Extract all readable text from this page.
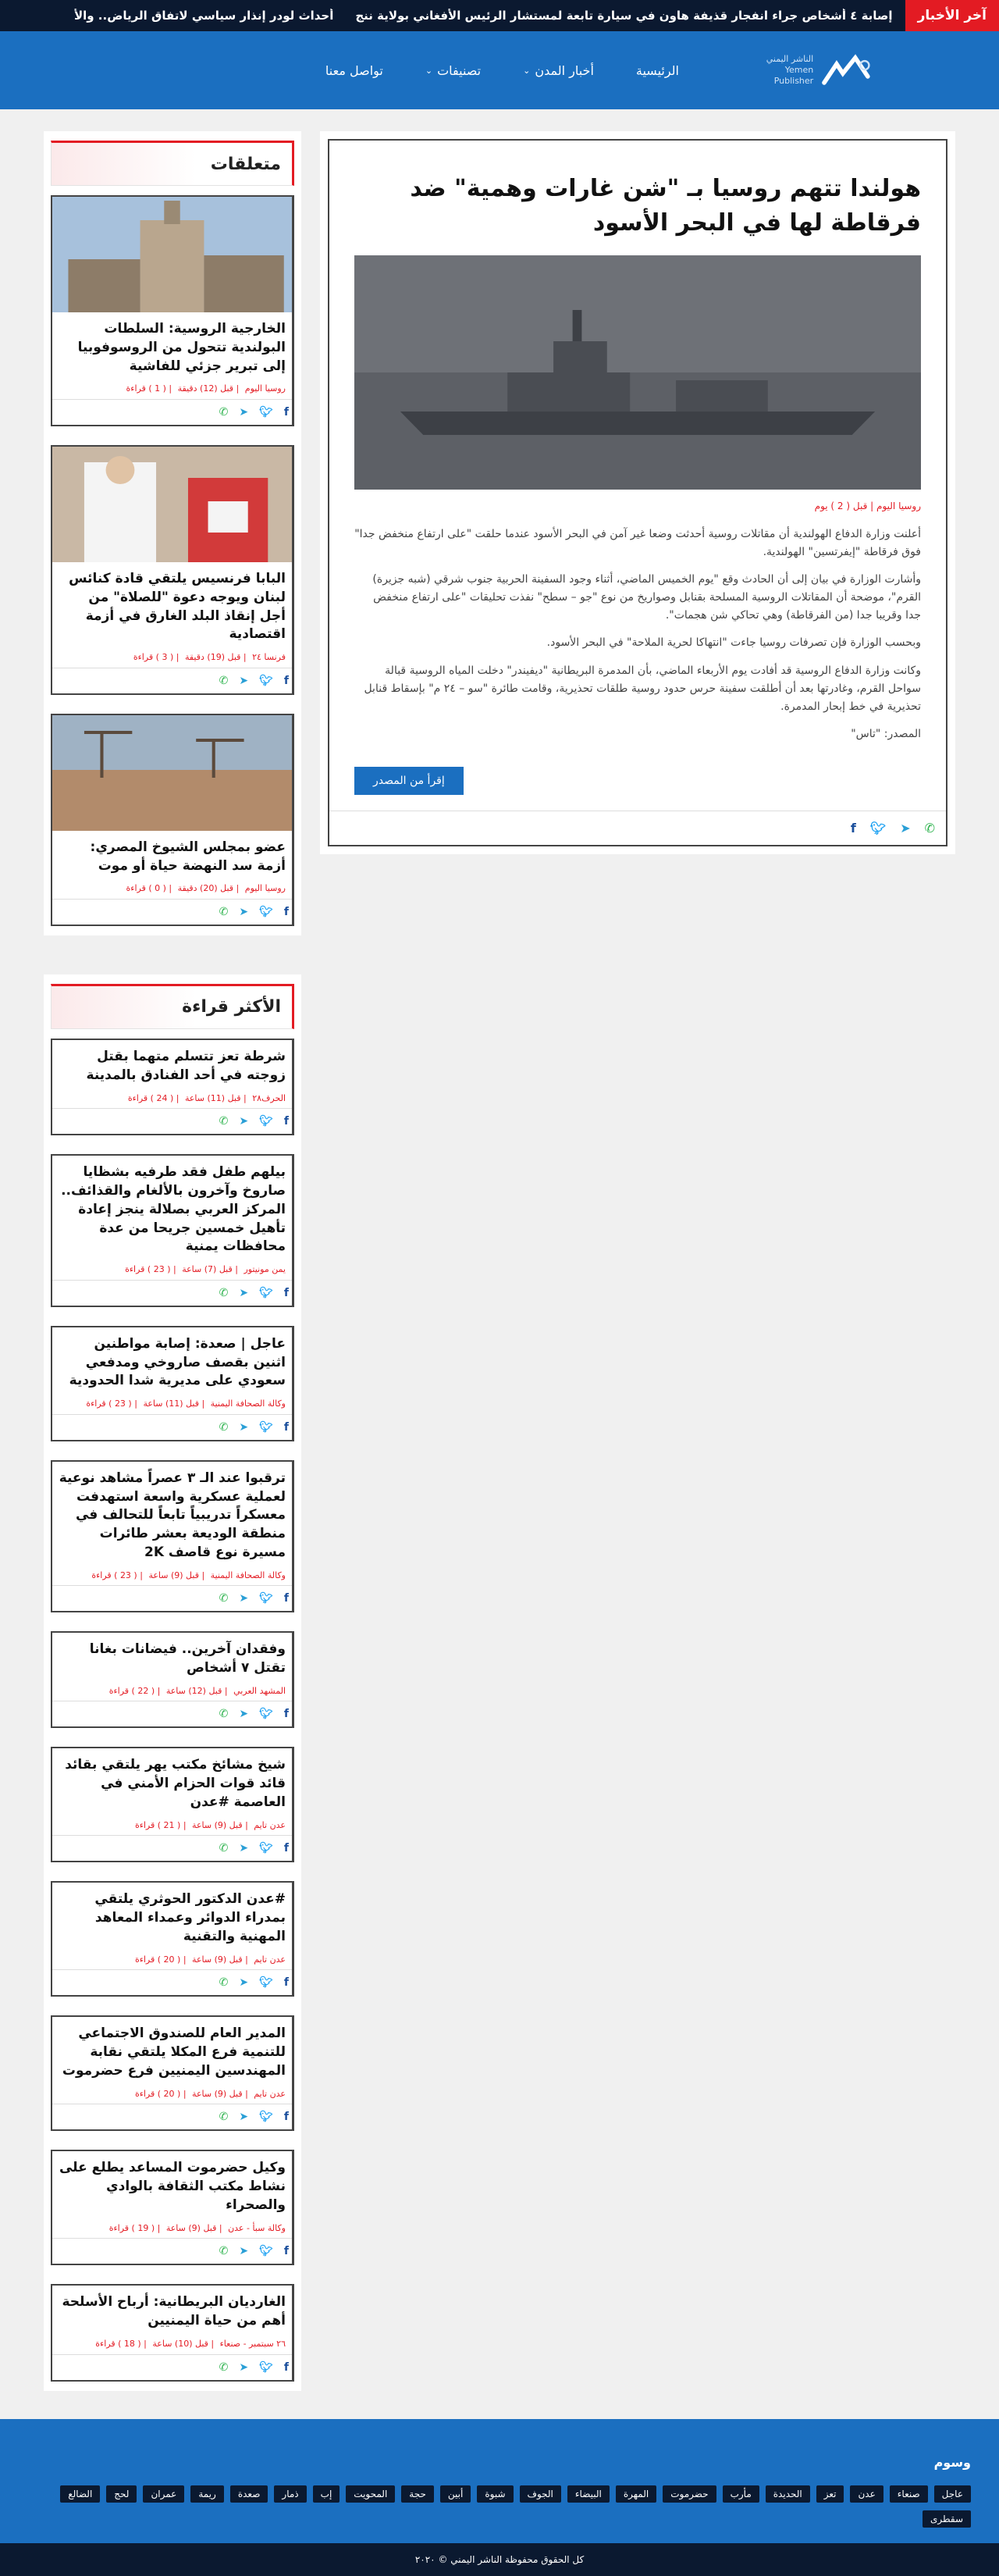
آخر الأخبار
إصابة ٤ أشخاص جراء انفجار قذيفة هاون في سيارة تابعة لمستشار الرئيس الأفغاني بولاية ننج
أحداث لودر إنذار سياسي لاتفاق الرياض.. والأ
الناشر اليمني
Yemen Publisher
الرئيسية
أخبار المدن
⌄
تصنيفات
⌄
تواصل معنا
هولندا تتهم روسيا بـ "شن غارات وهمية" ضد فرقاطة لها في البحر الأسود
روسيا اليوم | قبل ( 2 ) يوم

أعلنت وزارة الدفاع الهولندية أن مقاتلات روسية أحدثت وضعا غير آمن في البحر الأسود عندما حلقت "على ارتفاع منخفض جدا" فوق فرقاطة "إيفرتسين" الهولندية.

وأشارت الوزارة في بيان إلى أن الحادث وقع "يوم الخميس الماضي، أثناء وجود السفينة الحربية جنوب شرقي (شبه جزيرة) القرم"، موضحة أن المقاتلات الروسية المسلحة بقنابل وصواريخ من نوع "جو – سطح" نفذت تحليقات "على ارتفاع منخفض جدا وقريبا جدا (من الفرقاطة) وهي تحاكي شن هجمات".

وبحسب الوزارة فإن تصرفات روسيا جاءت "انتهاكا لحرية الملاحة" في البحر الأسود.

وكانت وزارة الدفاع الروسية قد أفادت يوم الأربعاء الماضي، بأن المدمرة البريطانية "ديفيندر" دخلت المياه الروسية قبالة سواحل القرم، وغادرتها بعد أن أطلقت سفينة حرس حدود روسية طلقات تحذيرية، وقامت طائرة "سو – ٢٤ م" بإسقاط قنابل تحذيرية في خط إبحار المدمرة.

المصدر: "تاس"

إقرأ من المصدر
f 🐦︎ ➤ ✆
متعلقات
الخارجية الروسية: السلطات البولندية تتحول من الروسوفوبيا إلى تبرير جزئي للفاشية
روسيا اليوم | قبل (12) دقيقة | ( 1 ) قراءة
f
🐦︎
➤
✆
البابا فرنسيس يلتقي قادة كنائس لبنان ويوجه دعوة "للصلاة" من أجل إنقاذ البلد الغارق في أزمة اقتصادية
فرنسا ٢٤ | قبل (19) دقيقة | ( 3 ) قراءة
f
🐦︎
➤
✆
عضو بمجلس الشيوخ المصري: أزمة سد النهضة حياة أو موت
روسيا اليوم | قبل (20) دقيقة | ( 0 ) قراءة
f
🐦︎
➤
✆
الأكثر قراءة
شرطة تعز تتسلم متهما بقتل زوجته في أحد الفنادق بالمدينة
الحرف٢٨ | قبل (11) ساعة | ( 24 ) قراءة
f
🐦︎
➤
✆
بيلهم طفل فقد طرفيه بشظايا صاروخ وآخرون بالألغام والقذائف.. المركز العربي بصلالة ينجز إعادة تأهيل خمسين جريحا من عدة محافظات يمنية
يمن مونيتور | قبل (7) ساعة | ( 23 ) قراءة
f
🐦︎
➤
✆
عاجل | صعدة: إصابة مواطنين اثنين بقصف صاروخي ومدفعي سعودي على مديرية شدا الحدودية
وكالة الصحافة اليمنية | قبل (11) ساعة | ( 23 ) قراءة
f
🐦︎
➤
✆
ترقبوا عند الـ ٣ عصراً مشاهد نوعية لعملية عسكرية واسعة استهدفت معسكراً تدريبياً تابعاً للتحالف في منطقة الوديعة بعشر طائرات مسيرة نوع قاصف 2K
وكالة الصحافة اليمنية | قبل (9) ساعة | ( 23 ) قراءة
f
🐦︎
➤
✆
وفقدان آخرين.. فيضانات بغانا تقتل ٧ أشخاص
المشهد العربي | قبل (12) ساعة | ( 22 ) قراءة
f
🐦︎
➤
✆
شيخ مشائخ مكتب يهر يلتقي بقائد قائد قوات الحزام الأمني في العاصمة #عدن
عدن تايم | قبل (9) ساعة | ( 21 ) قراءة
f
🐦︎
➤
✆
#عدن الدكتور الحوثري يلتقي بمدراء الدوائر وعمداء المعاهد المهنية والتقنية
عدن تايم | قبل (9) ساعة | ( 20 ) قراءة
f
🐦︎
➤
✆
المدير العام للصندوق الاجتماعي للتنمية فرع المكلا يلتقي نقابة المهندسين اليمنيين فرع حضرموت
عدن تايم | قبل (9) ساعة | ( 20 ) قراءة
f
🐦︎
➤
✆
وكيل حضرموت المساعد يطلع على نشاط مكتب الثقافة بالوادي والصحراء
وكالة سبأ - عدن | قبل (9) ساعة | ( 19 ) قراءة
f
🐦︎
➤
✆
الغارديان البريطانية: أرباح الأسلحة أهم من حياة اليمنيين
٢٦ سبتمبر - صنعاء | قبل (10) ساعة | ( 18 ) قراءة
f
🐦︎
➤
✆
وسوم
عاجل
صنعاء
عدن
تعز
الحديدة
مأرب
حضرموت
المهرة
البيضاء
الجوف
شبوة
أبين
حجة
المحويت
إب
ذمار
صعدة
ريمة
عمران
لحج
الضالع
سقطرى
كل الحقوق محفوظة الناشر اليمني © ٢٠٢٠
